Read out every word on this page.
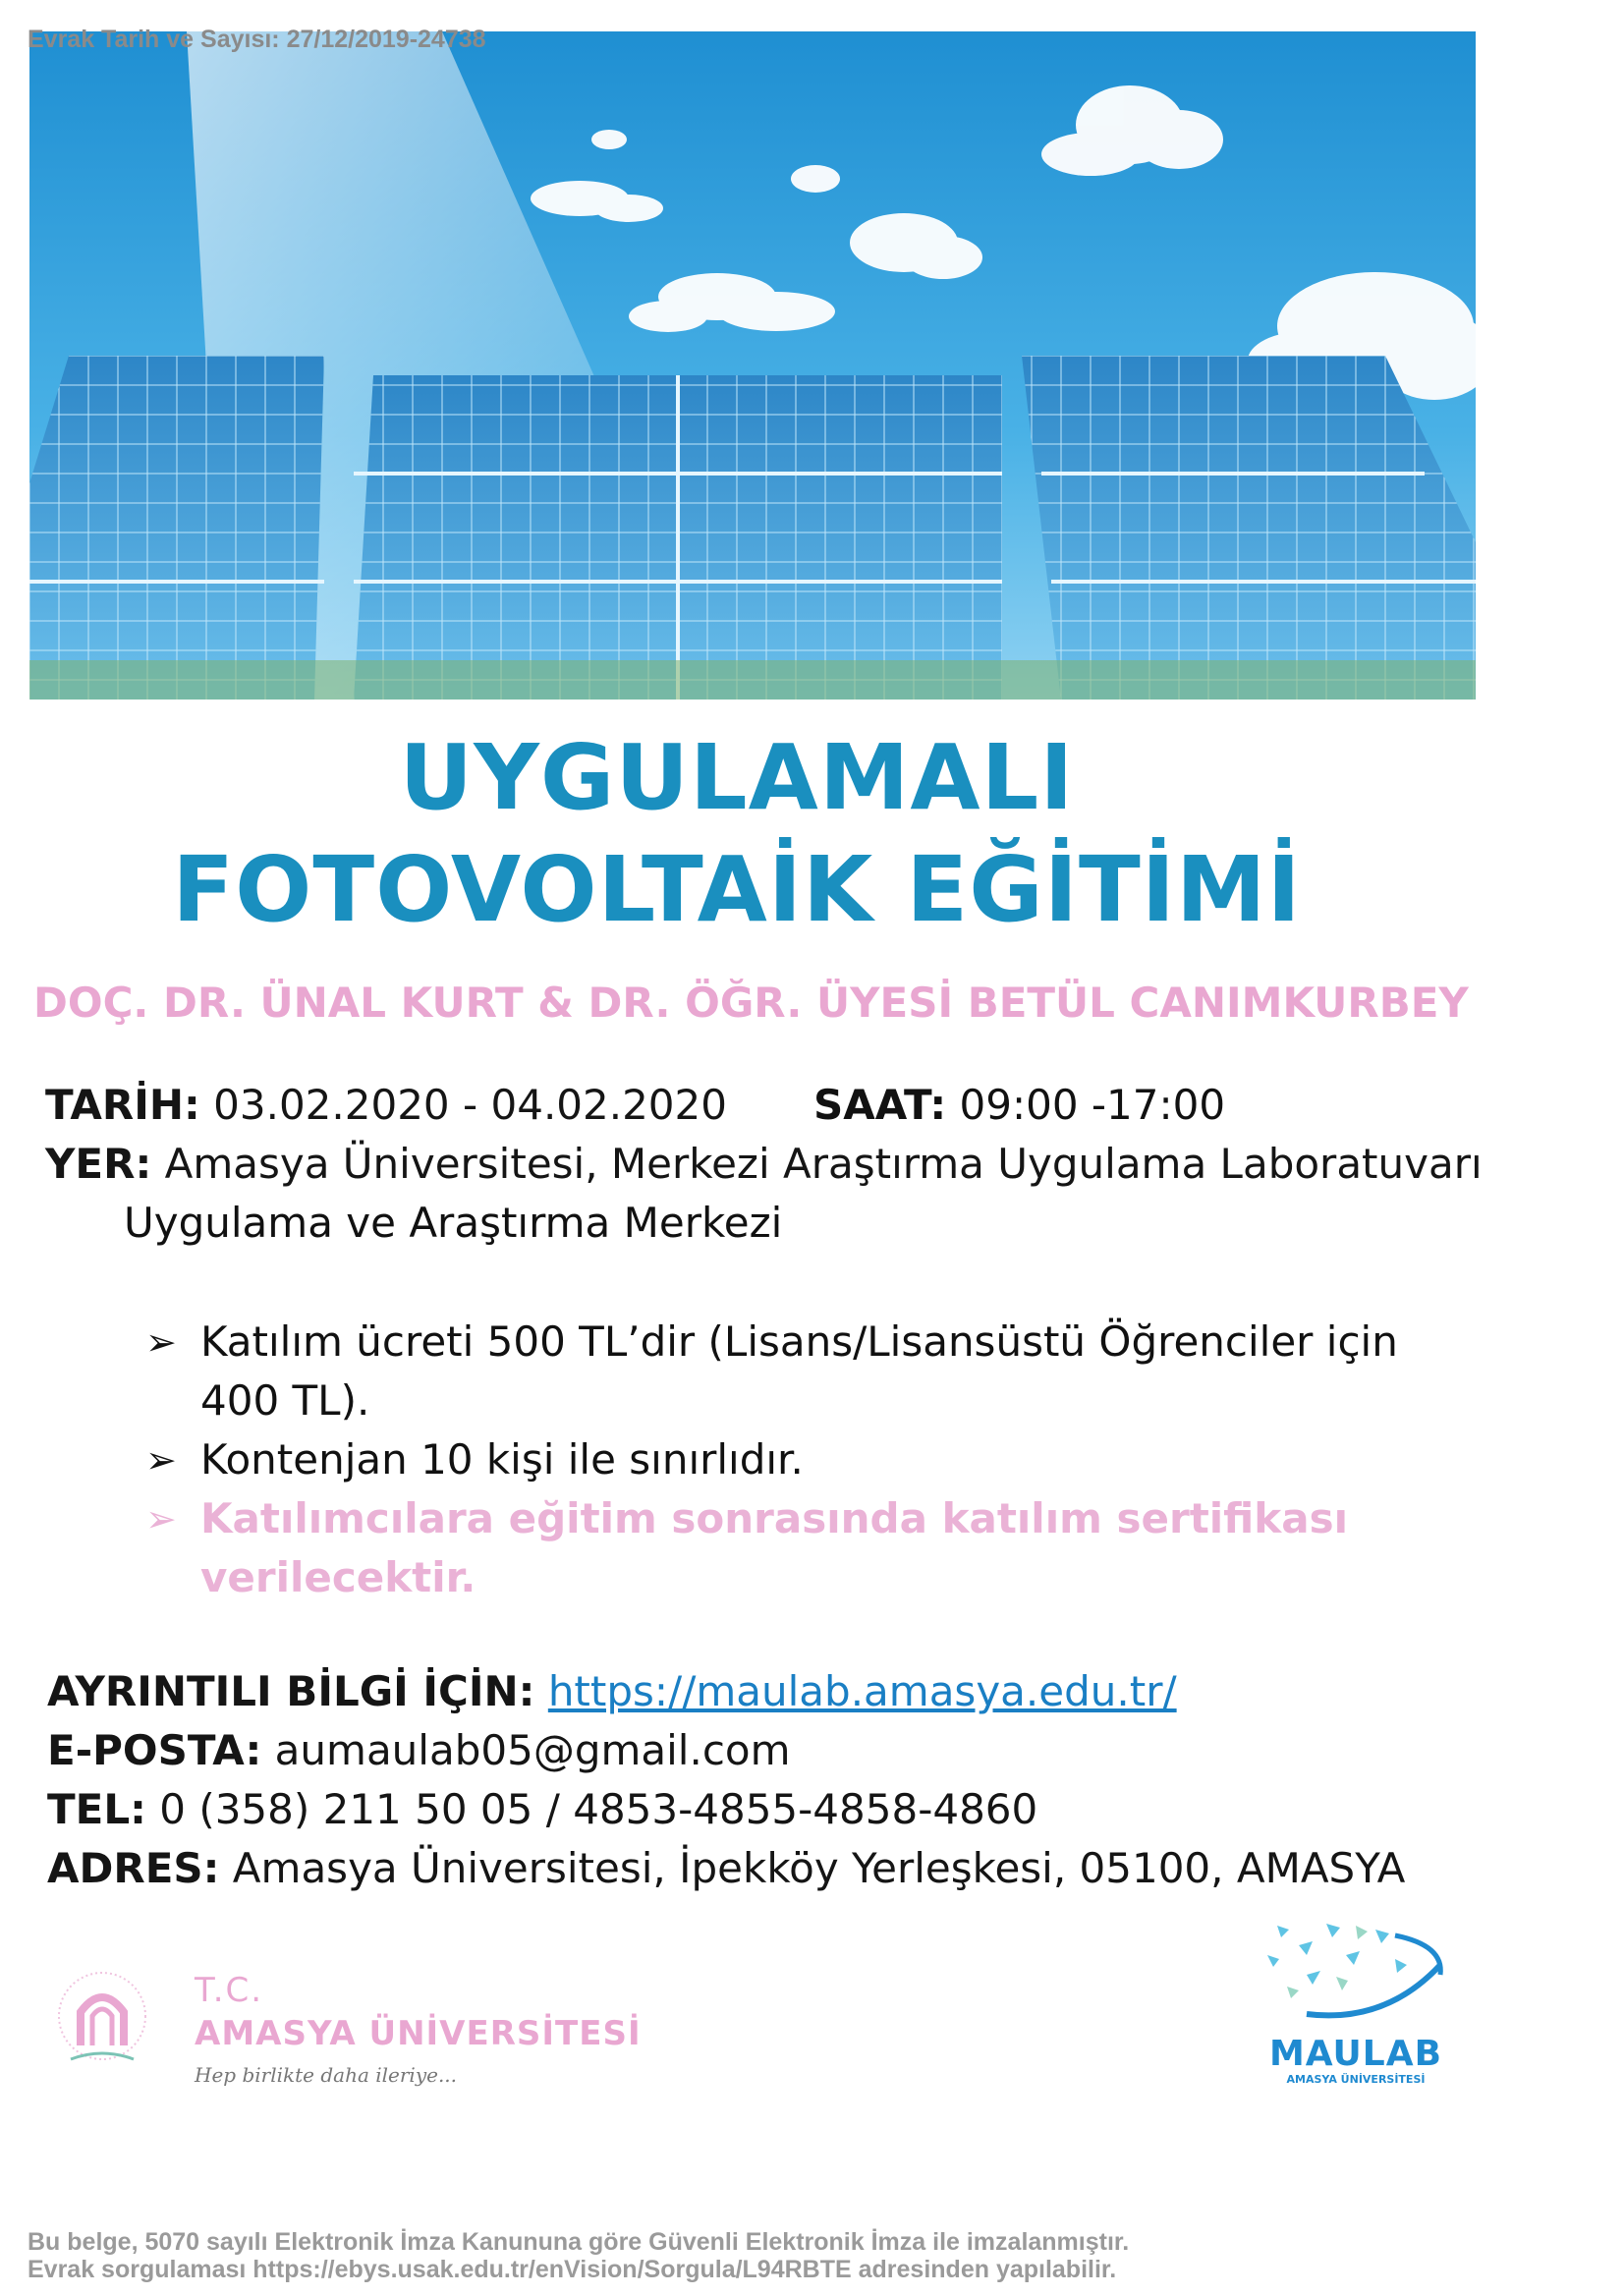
Evrak Tarih ve Sayısı: 27/12/2019-24738
UYGULAMALI
FOTOVOLTAİK EĞİTİMİ
DOÇ. DR. ÜNAL KURT & DR. ÖĞR. ÜYESİ BETÜL CANIMKURBEY
TARİH: 03.02.2020 - 04.02.2020 SAAT: 09:00 -17:00
YER: Amasya Üniversitesi, Merkezi Araştırma Uygulama Laboratuvarı
Uygulama ve Araştırma Merkezi

➢ Katılım ücreti 500 TL’dir (Lisans/Lisansüstü Öğrenciler için 400 TL).

➢ Kontenjan 10 kişi ile sınırlıdır.

➢ Katılımcılara eğitim sonrasında katılım sertifikası verilecektir.

AYRINTILI BİLGİ İÇİN: https://maulab.amasya.edu.tr/
E-POSTA: aumaulab05@gmail.com
TEL: 0 (358) 211 50 05 / 4853-4855-4858-4860
ADRES: Amasya Üniversitesi, İpekköy Yerleşkesi, 05100, AMASYA
T.C.
AMASYA ÜNİVERSİTESİ
Hep birlikte daha ileriye...
MAULAB
AMASYA ÜNİVERSİTESİ
Bu belge, 5070 sayılı Elektronik İmza Kanununa göre Güvenli Elektronik İmza ile imzalanmıştır.
Evrak sorgulaması https://ebys.usak.edu.tr/enVision/Sorgula/L94RBTE adresinden yapılabilir.
